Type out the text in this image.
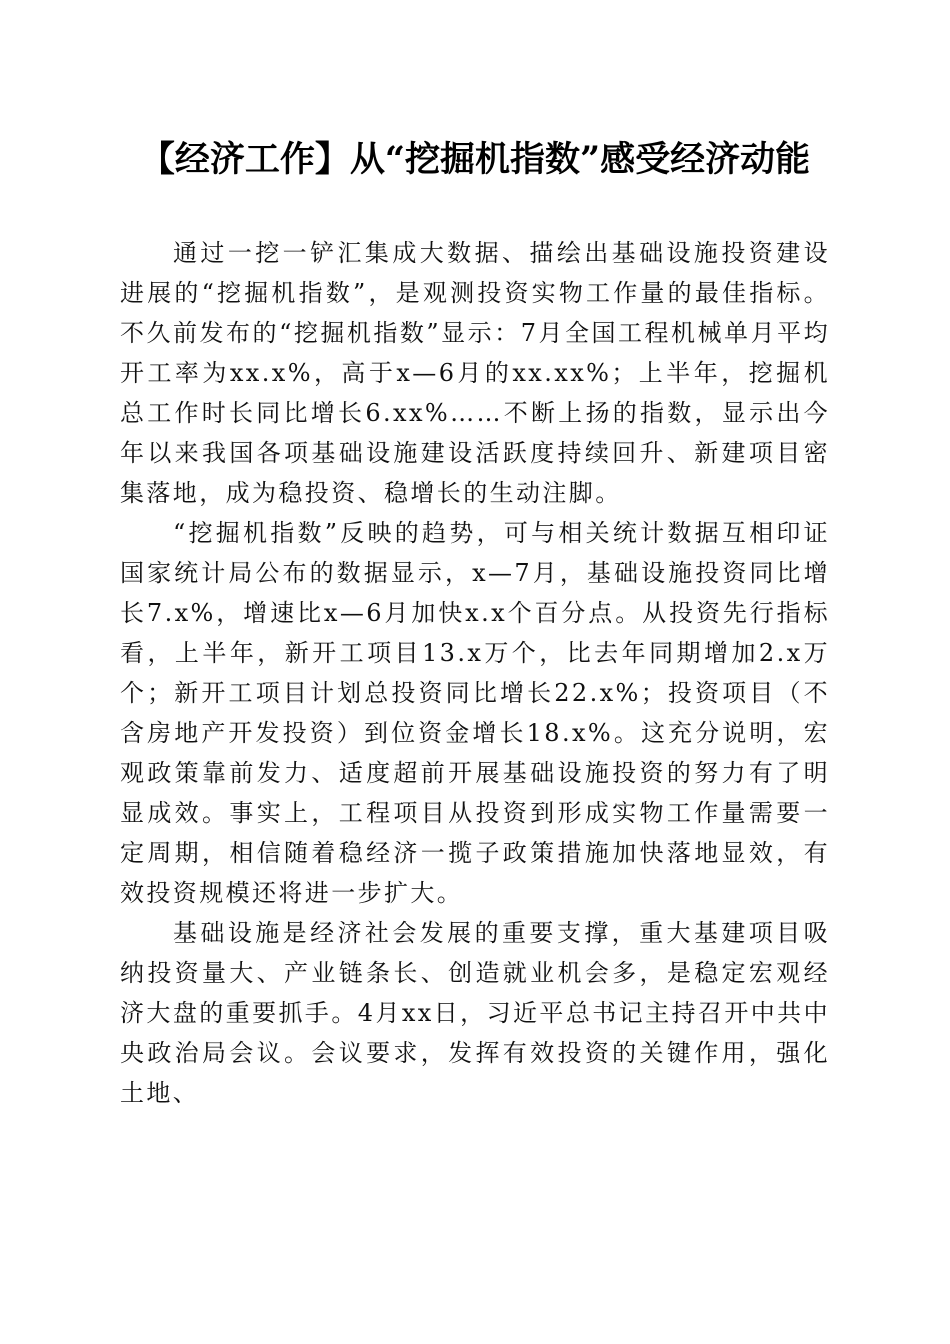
【经济工作】从“挖掘机指数”感受经济动能

通过一挖一铲汇集成大数据、描绘出基础设施投资建设进展的“挖掘机指数”，是观测投资实物工作量的最佳指标。不久前发布的“挖掘机指数”显示：7月全国工程机械单月平均开工率为xx.x%，高于x—6月的xx.xx%；上半年，挖掘机总工作时长同比增长6.xx%……不断上扬的指数，显示出今年以来我国各项基础设施建设活跃度持续回升、新建项目密集落地，成为稳投资、稳增长的生动注脚。

“挖掘机指数”反映的趋势，可与相关统计数据互相印证国家统计局公布的数据显示，x—7月，基础设施投资同比增长7.x%，增速比x—6月加快x.x个百分点。从投资先行指标看，上半年，新开工项目13.x万个，比去年同期增加2.x万个；新开工项目计划总投资同比增长22.x%；投资项目（不含房地产开发投资）到位资金增长18.x%。这充分说明，宏观政策靠前发力、适度超前开展基础设施投资的努力有了明显成效。事实上，工程项目从投资到形成实物工作量需要一定周期，相信随着稳经济一揽子政策措施加快落地显效，有效投资规模还将进一步扩大。

基础设施是经济社会发展的重要支撑，重大基建项目吸纳投资量大、产业链条长、创造就业机会多，是稳定宏观经济大盘的重要抓手。4月xx日，习近平总书记主持召开中共中央政治局会议。会议要求，发挥有效投资的关键作用，强化土地、
